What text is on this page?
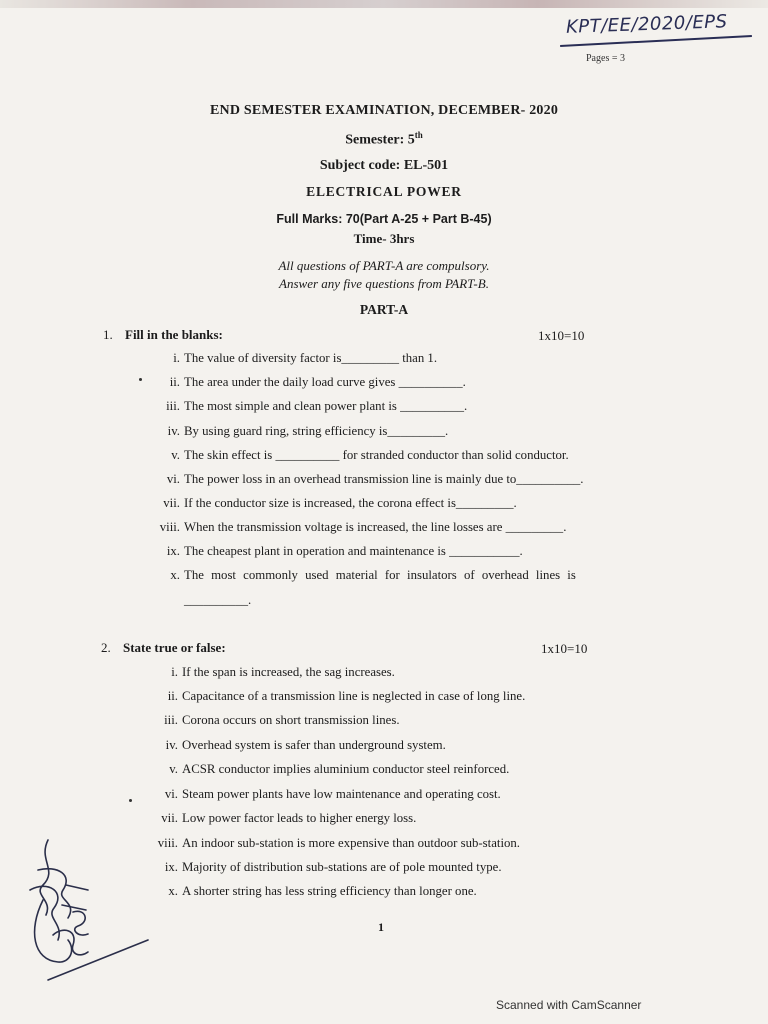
KPT/EE/2020/EPS
Pages = 3
END SEMESTER EXAMINATION, DECEMBER- 2020
Semester: 5th
Subject code: EL-501
ELECTRICAL POWER
Full Marks: 70(Part A-25 + Part B-45)
Time- 3hrs
All questions of PART-A are compulsory.
Answer any five questions from PART-B.
PART-A
1. Fill in the blanks:	1x10=10
i. The value of diversity factor is_________ than 1.
ii. The area under the daily load curve gives __________.
iii. The most simple and clean power plant is __________.
iv. By using guard ring, string efficiency is_________.
v. The skin effect is __________ for stranded conductor than solid conductor.
vi. The power loss in an overhead transmission line is mainly due to__________.
vii. If the conductor size is increased, the corona effect is_________.
viii. When the transmission voltage is increased, the line losses are _________.
ix. The cheapest plant in operation and maintenance is ___________.
x. The most commonly used material for insulators of overhead lines is
__________.
2. State true or false:	1x10=10
i. If the span is increased, the sag increases.
ii. Capacitance of a transmission line is neglected in case of long line.
iii. Corona occurs on short transmission lines.
iv. Overhead system is safer than underground system.
v. ACSR conductor implies aluminium conductor steel reinforced.
vi. Steam power plants have low maintenance and operating cost.
vii. Low power factor leads to higher energy loss.
viii. An indoor sub-station is more expensive than outdoor sub-station.
ix. Majority of distribution sub-stations are of pole mounted type.
x. A shorter string has less string efficiency than longer one.
1
Scanned with CamScanner
